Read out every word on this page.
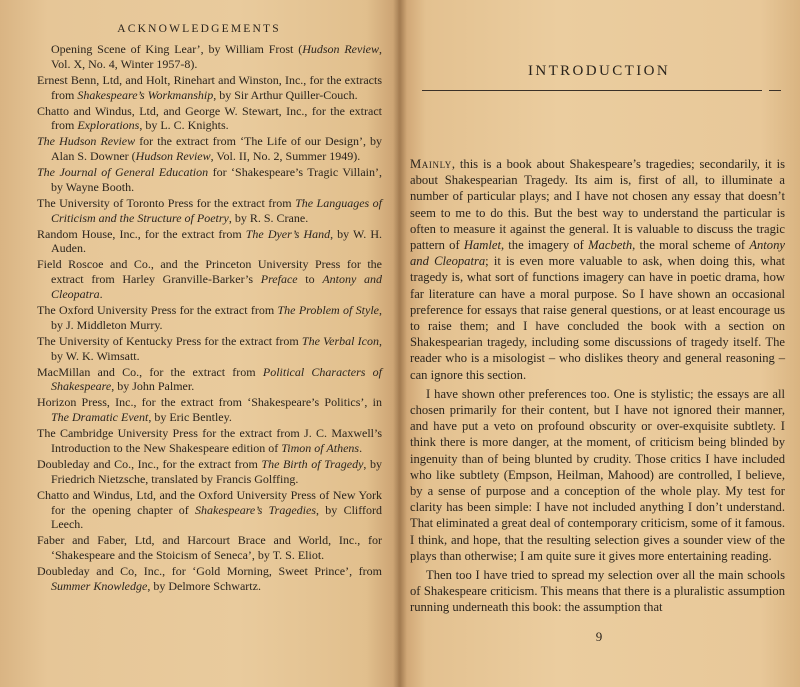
ACKNOWLEDGEMENTS
Opening Scene of King Lear’, by William Frost (Hudson Review, Vol. X, No. 4, Winter 1957-8).
Ernest Benn, Ltd, and Holt, Rinehart and Winston, Inc., for the extracts from Shakespeare’s Workmanship, by Sir Arthur Quiller-Couch.
Chatto and Windus, Ltd, and George W. Stewart, Inc., for the extract from Explorations, by L. C. Knights.
The Hudson Review for the extract from ‘The Life of our Design’, by Alan S. Downer (Hudson Review, Vol. II, No. 2, Summer 1949).
The Journal of General Education for ‘Shakespeare’s Tragic Villain’, by Wayne Booth.
The University of Toronto Press for the extract from The Languages of Criticism and the Structure of Poetry, by R. S. Crane.
Random House, Inc., for the extract from The Dyer’s Hand, by W. H. Auden.
Field Roscoe and Co., and the Princeton University Press for the extract from Harley Granville-Barker’s Preface to Antony and Cleopatra.
The Oxford University Press for the extract from The Problem of Style, by J. Middleton Murry.
The University of Kentucky Press for the extract from The Verbal Icon, by W. K. Wimsatt.
MacMillan and Co., for the extract from Political Characters of Shakespeare, by John Palmer.
Horizon Press, Inc., for the extract from ‘Shakespeare’s Politics’, in The Dramatic Event, by Eric Bentley.
The Cambridge University Press for the extract from J. C. Maxwell’s Introduction to the New Shakespeare edition of Timon of Athens.
Doubleday and Co., Inc., for the extract from The Birth of Tragedy, by Friedrich Nietzsche, translated by Francis Golffing.
Chatto and Windus, Ltd, and the Oxford University Press of New York for the opening chapter of Shakespeare’s Tragedies, by Clifford Leech.
Faber and Faber, Ltd, and Harcourt Brace and World, Inc., for ‘Shakespeare and the Stoicism of Seneca’, by T. S. Eliot.
Doubleday and Co, Inc., for ‘Gold Morning, Sweet Prince’, from Summer Knowledge, by Delmore Schwartz.
INTRODUCTION

Mainly, this is a book about Shakespeare’s tragedies; secondarily, it is about Shakespearian Tragedy. Its aim is, first of all, to illuminate a number of particular plays; and I have not chosen any essay that doesn’t seem to me to do this. But the best way to understand the particular is often to measure it against the general. It is valuable to discuss the tragic pattern of Hamlet, the imagery of Macbeth, the moral scheme of Antony and Cleopatra; it is even more valuable to ask, when doing this, what tragedy is, what sort of functions imagery can have in poetic drama, how far literature can have a moral purpose. So I have shown an occasional preference for essays that raise general questions, or at least encourage us to raise them; and I have concluded the book with a section on Shakespearian tragedy, including some discussions of tragedy itself. The reader who is a misologist – who dislikes theory and general reasoning – can ignore this section.

I have shown other preferences too. One is stylistic; the essays are all chosen primarily for their content, but I have not ignored their manner, and have put a veto on profound obscurity or over-exquisite subtlety. I think there is more danger, at the moment, of criticism being blinded by ingenuity than of being blunted by crudity. Those critics I have included who like subtlety (Empson, Heilman, Mahood) are controlled, I believe, by a sense of purpose and a conception of the whole play. My test for clarity has been simple: I have not included anything I don’t understand. That eliminated a great deal of contemporary criticism, some of it famous. I think, and hope, that the resulting selection gives a sounder view of the plays than otherwise; I am quite sure it gives more entertaining reading.

Then too I have tried to spread my selection over all the main schools of Shakespeare criticism. This means that there is a pluralistic assumption running underneath this book: the assumption that

9
